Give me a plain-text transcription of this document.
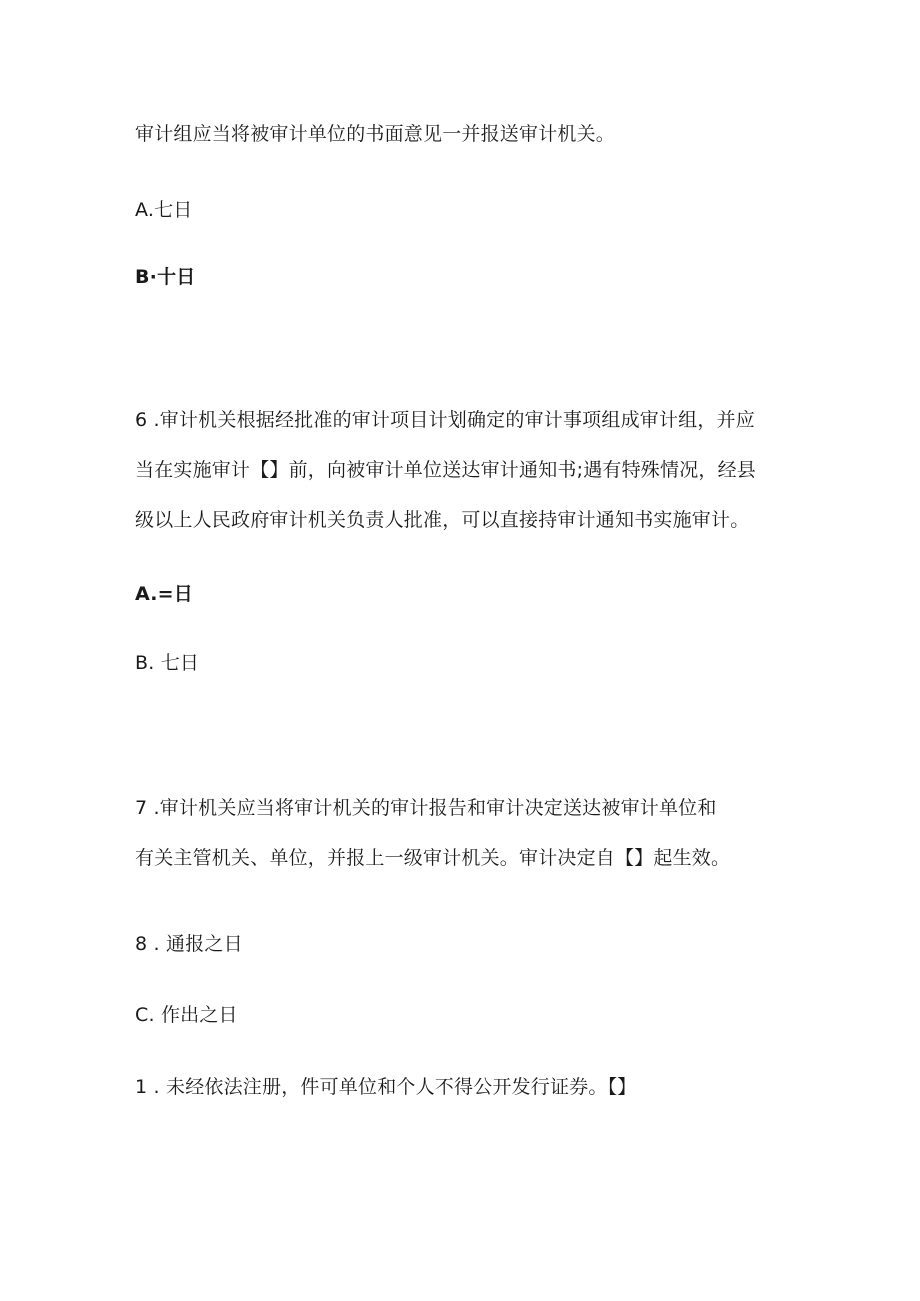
审计组应当将被审计单位的书面意见一并报送审计机关。
A.七日
B·十日
6 .审计机关根据经批准的审计项目计划确定的审计事项组成审计组，并应
当在实施审计【】前，向被审计单位送达审计通知书;遇有特殊情况，经县
级以上人民政府审计机关负责人批准，可以直接持审计通知书实施审计。
A.=日
B. 七日
7 .审计机关应当将审计机关的审计报告和审计决定送达被审计单位和
有关主管机关、单位，并报上一级审计机关。审计决定自【】起生效。
8 . 通报之日
C. 作出之日
1 . 未经依法注册，件可单位和个人不得公开发行证券。【】
